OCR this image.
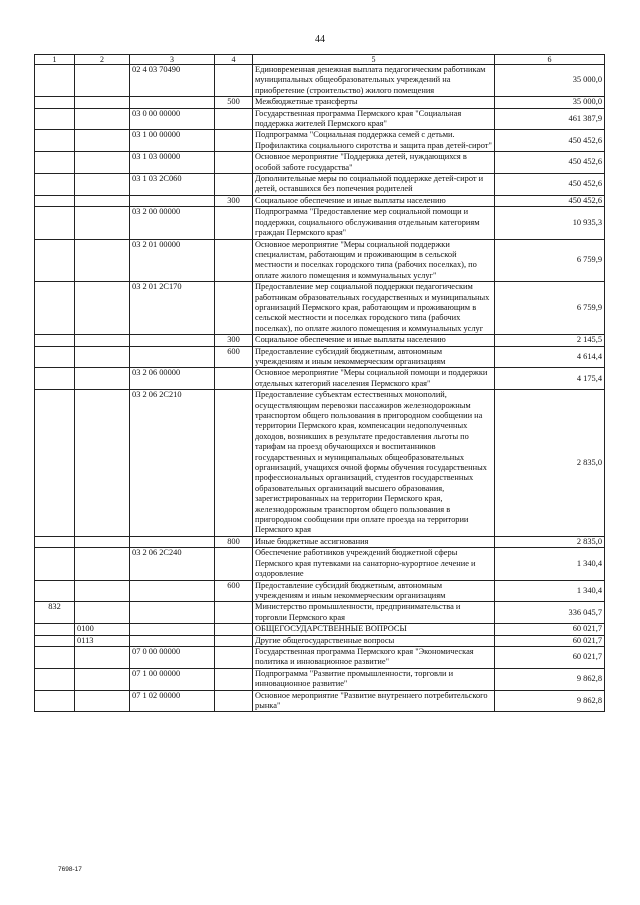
44
1	2	3	4	5	6
		02 4 03 70490		Единовременная денежная выплата педагогическим работникам муниципальных общеобразовательных учреждений на приобретение (строительство) жилого помещения	35 000,0
			500	Межбюджетные трансферты	35 000,0
		03 0 00 00000		Государственная программа Пермского края "Социальная поддержка жителей Пермского края"	461 387,9
		03 1 00 00000		Подпрограмма "Социальная поддержка семей с детьми. Профилактика социального сиротства и защита прав детей-сирот"	450 452,6
		03 1 03 00000		Основное мероприятие "Поддержка детей, нуждающихся в особой заботе государства"	450 452,6
		03 1 03 2С060		Дополнительные меры по социальной поддержке детей-сирот и детей, оставшихся без попечения родителей	450 452,6
			300	Социальное обеспечение и иные выплаты населению	450 452,6
		03 2 00 00000		Подпрограмма "Предоставление мер социальной помощи и поддержки, социального обслуживания отдельным категориям граждан Пермского края"	10 935,3
		03 2 01 00000		Основное мероприятие "Меры социальной поддержки специалистам, работающим и проживающим в сельской местности и поселках городского типа (рабочих поселках), по оплате жилого помещения и коммунальных услуг"	6 759,9
		03 2 01 2С170		Предоставление мер социальной поддержки педагогическим работникам образовательных государственных и муниципальных организаций Пермского края, работающим и проживающим в сельской местности и поселках городского типа (рабочих поселках), по оплате жилого помещения и коммунальных услуг	6 759,9
			300	Социальное обеспечение и иные выплаты населению	2 145,5
			600	Предоставление субсидий бюджетным, автономным учреждениям и иным некоммерческим организациям	4 614,4
		03 2 06 00000		Основное мероприятие "Меры социальной помощи и поддержки отдельных категорий населения Пермского края"	4 175,4
		03 2 06 2С210		Предоставление субъектам естественных монополий, осуществляющим перевозки пассажиров железнодорожным транспортом общего пользования в пригородном сообщении на территории Пермского края, компенсации недополученных доходов, возникших в результате предоставления льготы по тарифам на проезд обучающихся и воспитанников государственных и муниципальных общеобразовательных организаций, учащихся очной формы обучения государственных профессиональных организаций, студентов государственных образовательных организаций высшего образования, зарегистрированных на территории Пермского края, железнодорожным транспортом общего пользования в пригородном сообщении при оплате проезда на территории Пермского края	2 835,0
			800	Иные бюджетные ассигнования	2 835,0
		03 2 06 2С240		Обеспечение работников учреждений бюджетной сферы Пермского края путевками на санаторно-курортное лечение и оздоровление	1 340,4
			600	Предоставление субсидий бюджетным, автономным учреждениям и иным некоммерческим организациям	1 340,4
832				Министерство промышленности, предпринимательства и торговли Пермского края	336 045,7
	0100			ОБЩЕГОСУДАРСТВЕННЫЕ ВОПРОСЫ	60 021,7
	0113			Другие общегосударственные вопросы	60 021,7
		07 0 00 00000		Государственная программа Пермского края "Экономическая политика и инновационное развитие"	60 021,7
		07 1 00 00000		Подпрограмма "Развитие промышленности, торговли и инновационное развитие"	9 862,8
		07 1 02 00000		Основное мероприятие "Развитие внутреннего потребительского рынка"	9 862,8
7698-17
